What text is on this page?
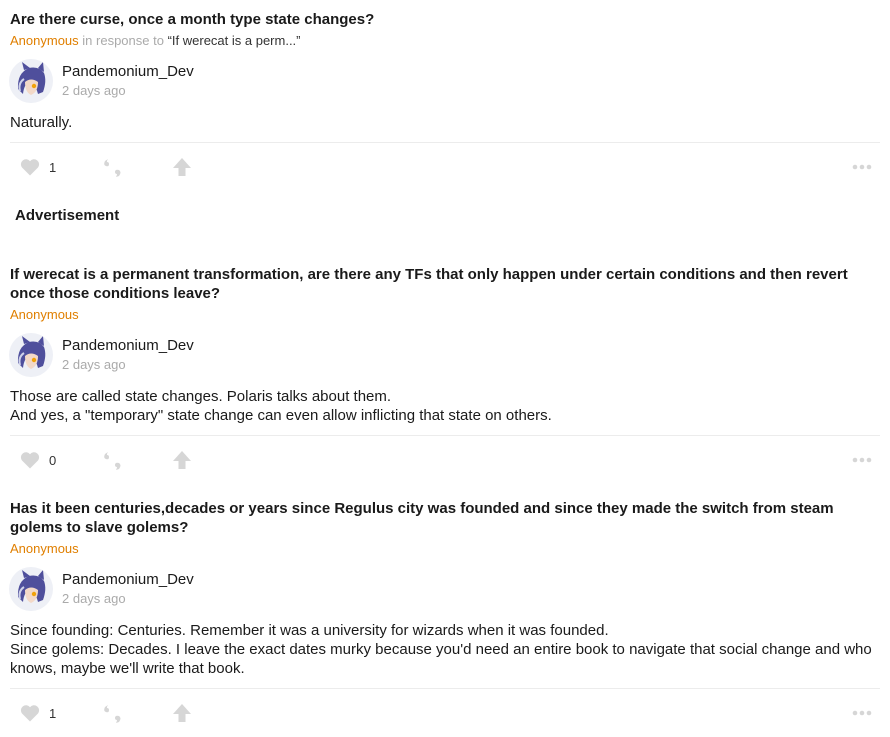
Are there curse, once a month type state changes?
Anonymous in response to “If werecat is a perm...”
Pandemonium_Dev
2 days ago
Naturally.
1
Advertisement
If werecat is a permanent transformation, are there any TFs that only happen under certain conditions and then revert once those conditions leave?
Anonymous
Pandemonium_Dev
2 days ago
Those are called state changes. Polaris talks about them.
And yes, a "temporary" state change can even allow inflicting that state on others.
0
Has it been centuries,decades or years since Regulus city was founded and since they made the switch from steam golems to slave golems?
Anonymous
Pandemonium_Dev
2 days ago
Since founding: Centuries. Remember it was a university for wizards when it was founded.
Since golems: Decades. I leave the exact dates murky because you'd need an entire book to navigate that social change and who knows, maybe we'll write that book.
1
